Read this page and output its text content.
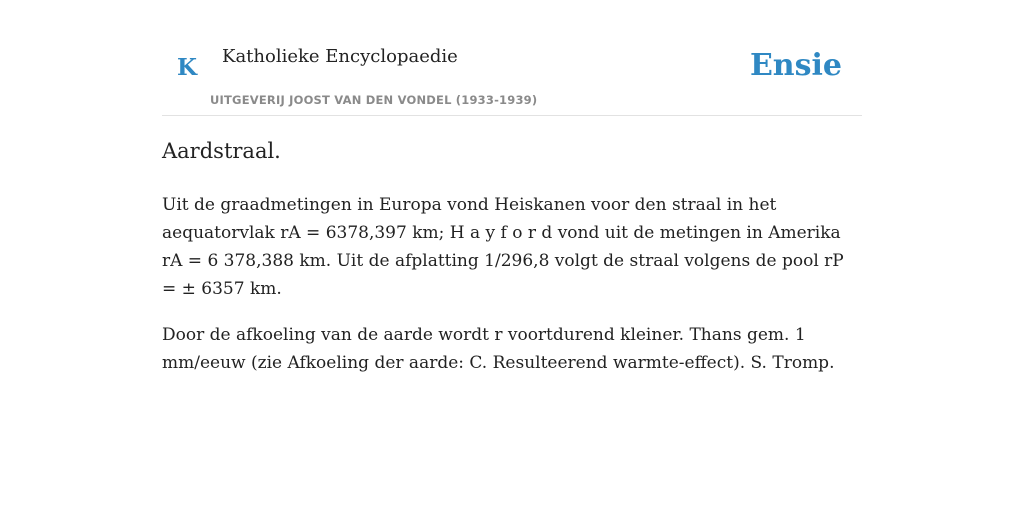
K Katholieke Encyclopaedie
UITGEVERIJ JOOST VAN DEN VONDEL (1933-1939)
Ensie
Aardstraal.

Uit de graadmetingen in Europa vond Heiskanen voor den straal in het aequatorvlak rA = 6378,397 km; H a y f o r d vond uit de metingen in Amerika rA = 6 378,388 km. Uit de afplatting 1/296,8 volgt de straal volgens de pool rP = ± 6357 km.

Door de afkoeling van de aarde wordt r voortdurend kleiner. Thans gem. 1 mm/eeuw (zie Afkoeling der aarde: C. Resulteerend warmte-effect). S. Tromp.
